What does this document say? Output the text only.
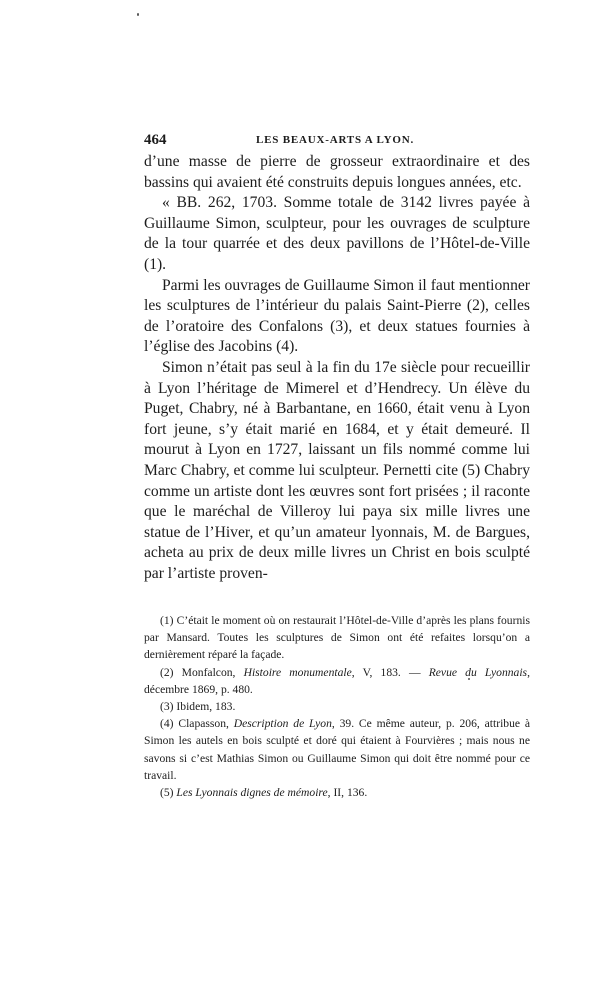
464	LES BEAUX-ARTS A LYON.

d’une masse de pierre de grosseur extraordinaire et des bassins qui avaient été construits depuis longues années, etc.

« BB. 262, 1703. Somme totale de 3142 livres payée à Guillaume Simon, sculpteur, pour les ouvrages de sculpture de la tour quarrée et des deux pavillons de l’Hôtel-de-Ville (1).

Parmi les ouvrages de Guillaume Simon il faut mentionner les sculptures de l’intérieur du palais Saint-Pierre (2), celles de l’oratoire des Confalons (3), et deux statues fournies à l’église des Jacobins (4).

Simon n’était pas seul à la fin du 17e siècle pour recueillir à Lyon l’héritage de Mimerel et d’Hendrecy. Un élève du Puget, Chabry, né à Barbantane, en 1660, était venu à Lyon fort jeune, s’y était marié en 1684, et y était demeuré. Il mourut à Lyon en 1727, laissant un fils nommé comme lui Marc Chabry, et comme lui sculpteur. Pernetti cite (5) Chabry comme un artiste dont les œuvres sont fort prisées ; il raconte que le maréchal de Villeroy lui paya six mille livres une statue de l’Hiver, et qu’un amateur lyonnais, M. de Bargues, acheta au prix de deux mille livres un Christ en bois sculpté par l’artiste proven-

(1) C’était le moment où on restaurait l’Hôtel-de-Ville d’après les plans fournis par Mansard. Toutes les sculptures de Simon ont été refaites lorsqu’on a dernièrement réparé la façade.

(2) Monfalcon, Histoire monumentale, V, 183. — Revue du Lyonnais, décembre 1869, p. 480.

(3) Ibidem, 183.

(4) Clapasson, Description de Lyon, 39. Ce même auteur, p. 206, attribue à Simon les autels en bois sculpté et doré qui étaient à Fourvières ; mais nous ne savons si c’est Mathias Simon ou Guillaume Simon qui doit être nommé pour ce travail.

(5) Les Lyonnais dignes de mémoire, II, 136.
